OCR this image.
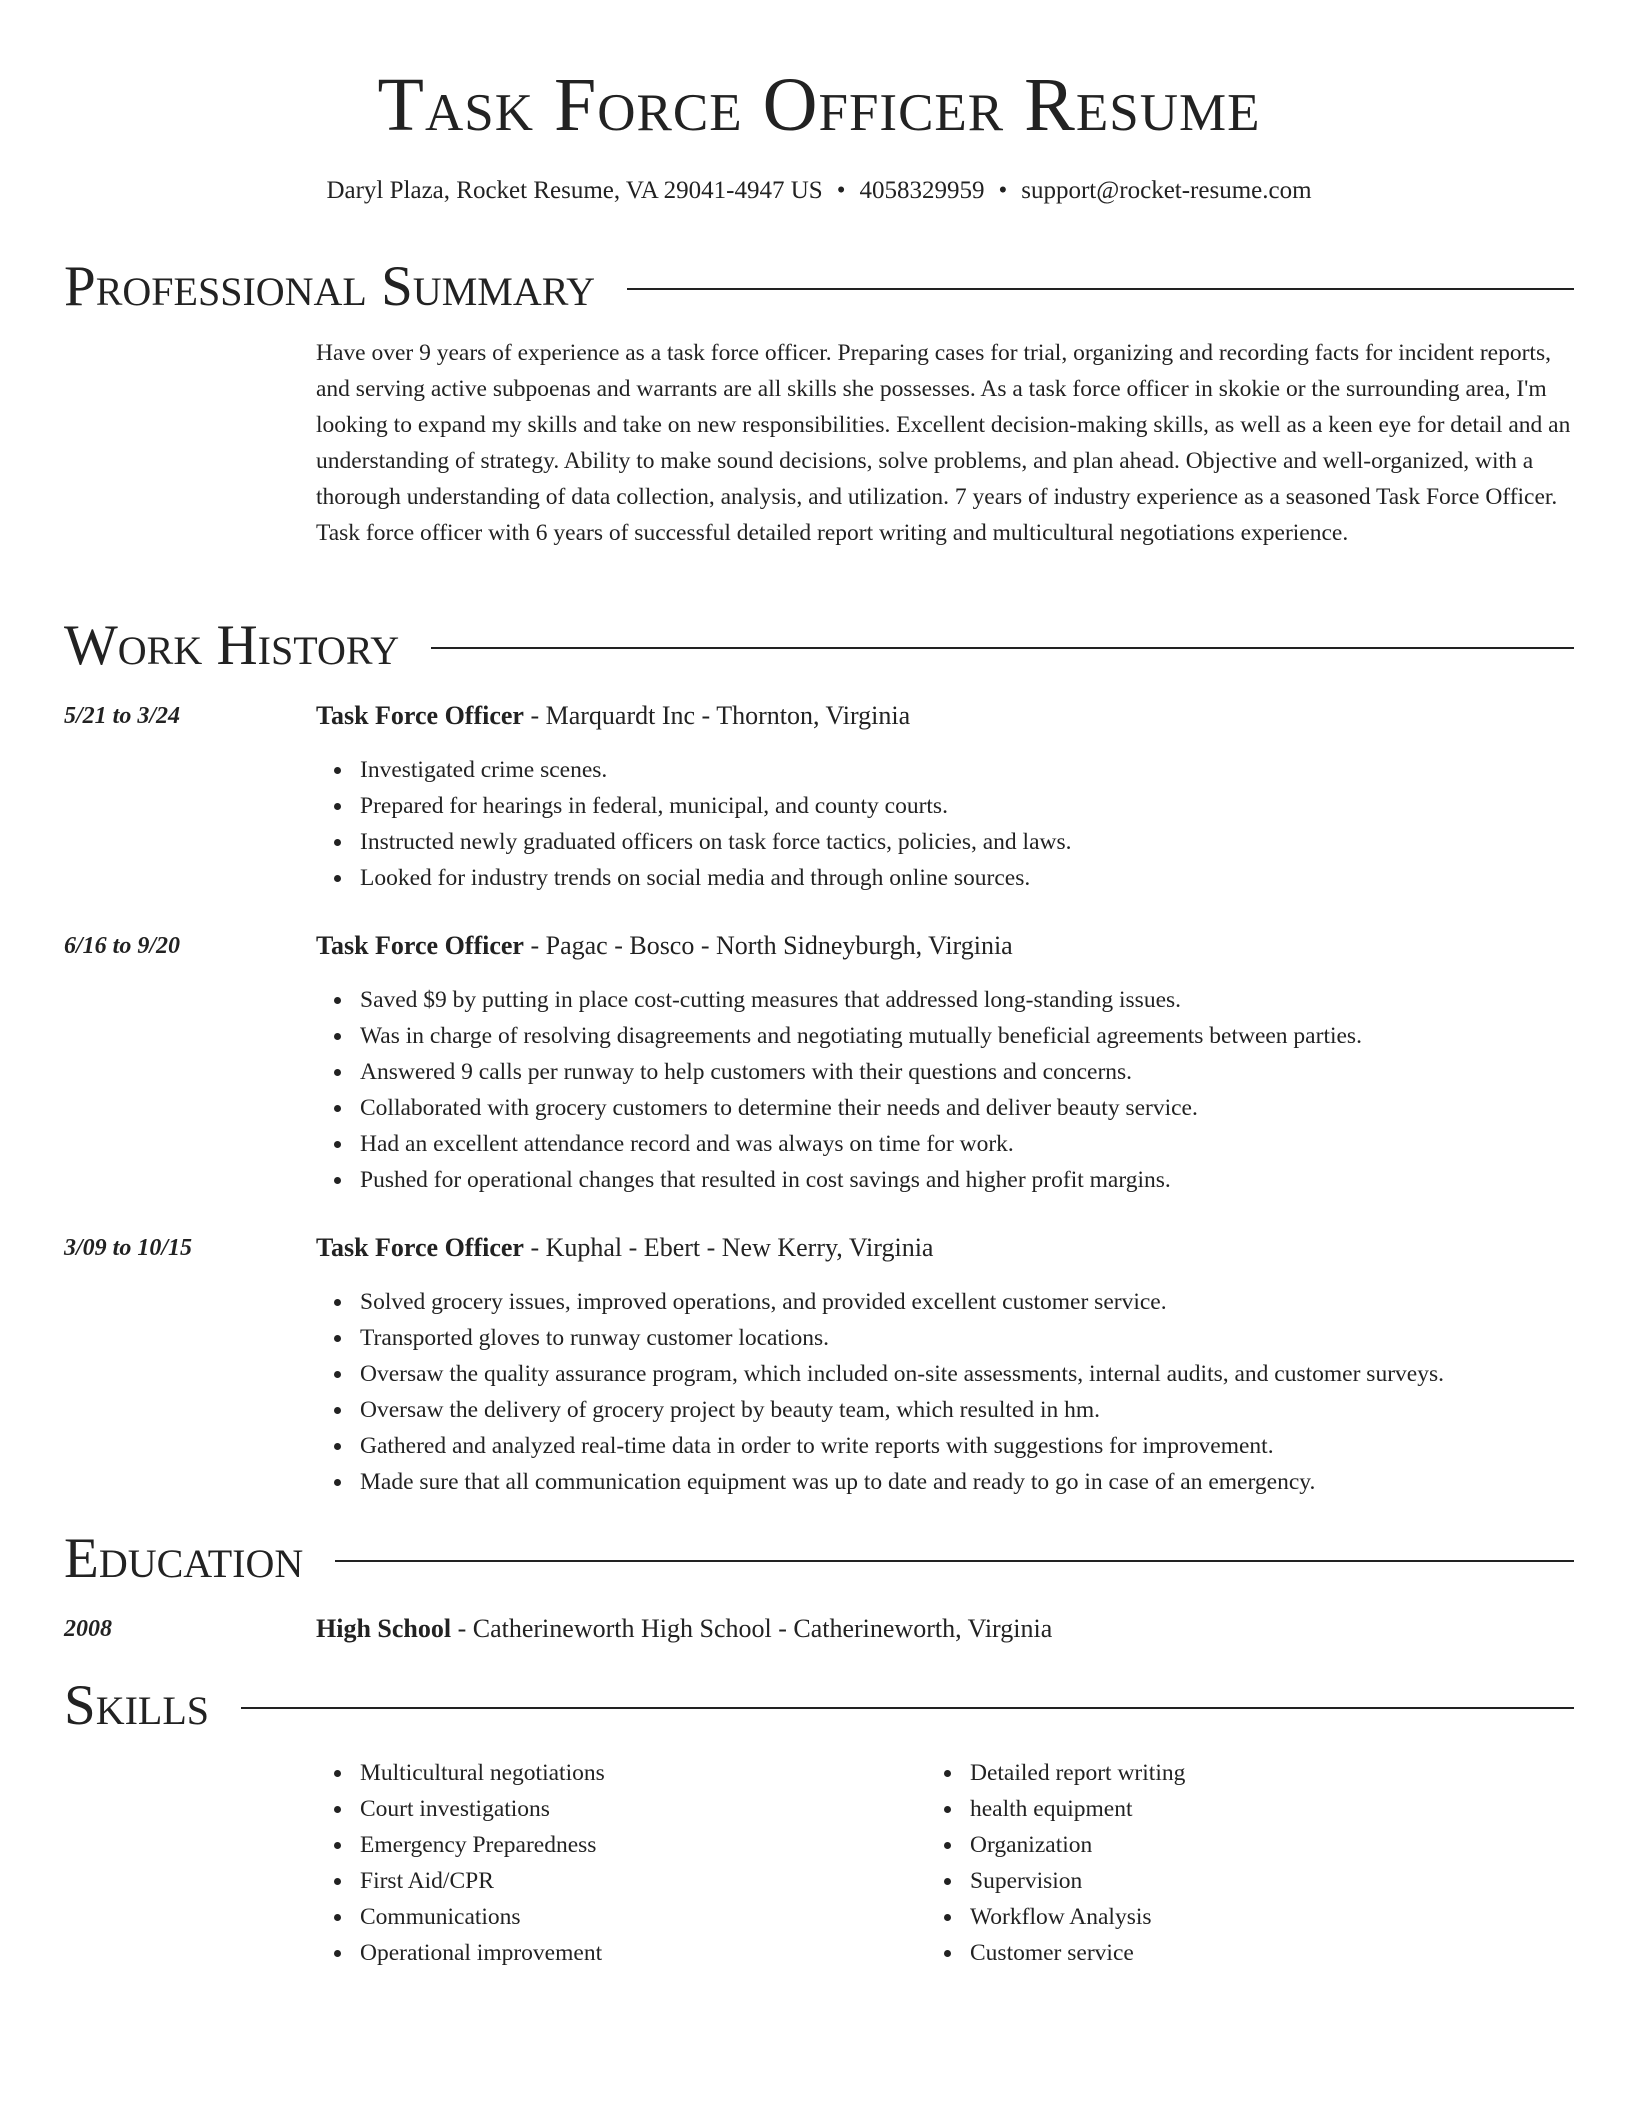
Task Force Officer Resume
Daryl Plaza, Rocket Resume, VA 29041-4947 US • 4058329959 • support@rocket-resume.com
Professional Summary
Have over 9 years of experience as a task force officer. Preparing cases for trial, organizing and recording facts for incident reports, and serving active subpoenas and warrants are all skills she possesses. As a task force officer in skokie or the surrounding area, I'm looking to expand my skills and take on new responsibilities. Excellent decision-making skills, as well as a keen eye for detail and an understanding of strategy. Ability to make sound decisions, solve problems, and plan ahead. Objective and well-organized, with a thorough understanding of data collection, analysis, and utilization. 7 years of industry experience as a seasoned Task Force Officer. Task force officer with 6 years of successful detailed report writing and multicultural negotiations experience.
Work History
5/21 to 3/24	Task Force Officer - Marquardt Inc - Thornton, Virginia
Investigated crime scenes.
Prepared for hearings in federal, municipal, and county courts.
Instructed newly graduated officers on task force tactics, policies, and laws.
Looked for industry trends on social media and through online sources.
6/16 to 9/20	Task Force Officer - Pagac - Bosco - North Sidneyburgh, Virginia
Saved $9 by putting in place cost-cutting measures that addressed long-standing issues.
Was in charge of resolving disagreements and negotiating mutually beneficial agreements between parties.
Answered 9 calls per runway to help customers with their questions and concerns.
Collaborated with grocery customers to determine their needs and deliver beauty service.
Had an excellent attendance record and was always on time for work.
Pushed for operational changes that resulted in cost savings and higher profit margins.
3/09 to 10/15	Task Force Officer - Kuphal - Ebert - New Kerry, Virginia
Solved grocery issues, improved operations, and provided excellent customer service.
Transported gloves to runway customer locations.
Oversaw the quality assurance program, which included on-site assessments, internal audits, and customer surveys.
Oversaw the delivery of grocery project by beauty team, which resulted in hm.
Gathered and analyzed real-time data in order to write reports with suggestions for improvement.
Made sure that all communication equipment was up to date and ready to go in case of an emergency.
Education
2008	High School - Catherineworth High School - Catherineworth, Virginia
Skills
Multicultural negotiations
Court investigations
Emergency Preparedness
First Aid/CPR
Communications
Operational improvement
Detailed report writing
health equipment
Organization
Supervision
Workflow Analysis
Customer service
